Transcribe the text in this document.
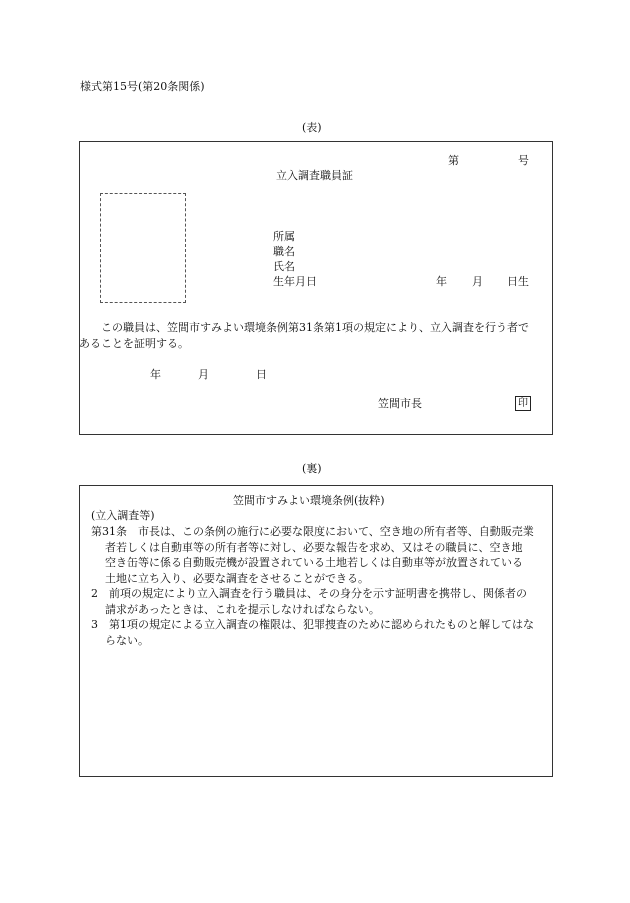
様式第15号(第20条関係)
(表)
第	号
立入調査職員証
所属
職名
氏名
生年月日	年 月 日生
この職員は、笠間市すみよい環境条例第31条第1項の規定により、立入調査を行う者で
あることを証明する。
年	月	日
笠間市長	印
(裏)
笠間市すみよい環境条例(抜粋)
(立入調査等)
第31条　市長は、この条例の施行に必要な限度において、空き地の所有者等、自動販売業
者若しくは自動車等の所有者等に対し、必要な報告を求め、又はその職員に、空き地
空き缶等に係る自動販売機が設置されている土地若しくは自動車等が放置されている
土地に立ち入り、必要な調査をさせることができる。
2　前項の規定により立入調査を行う職員は、その身分を示す証明書を携帯し、関係者の
請求があったときは、これを提示しなければならない。
3　第1項の規定による立入調査の権限は、犯罪捜査のために認められたものと解してはな
らない。
